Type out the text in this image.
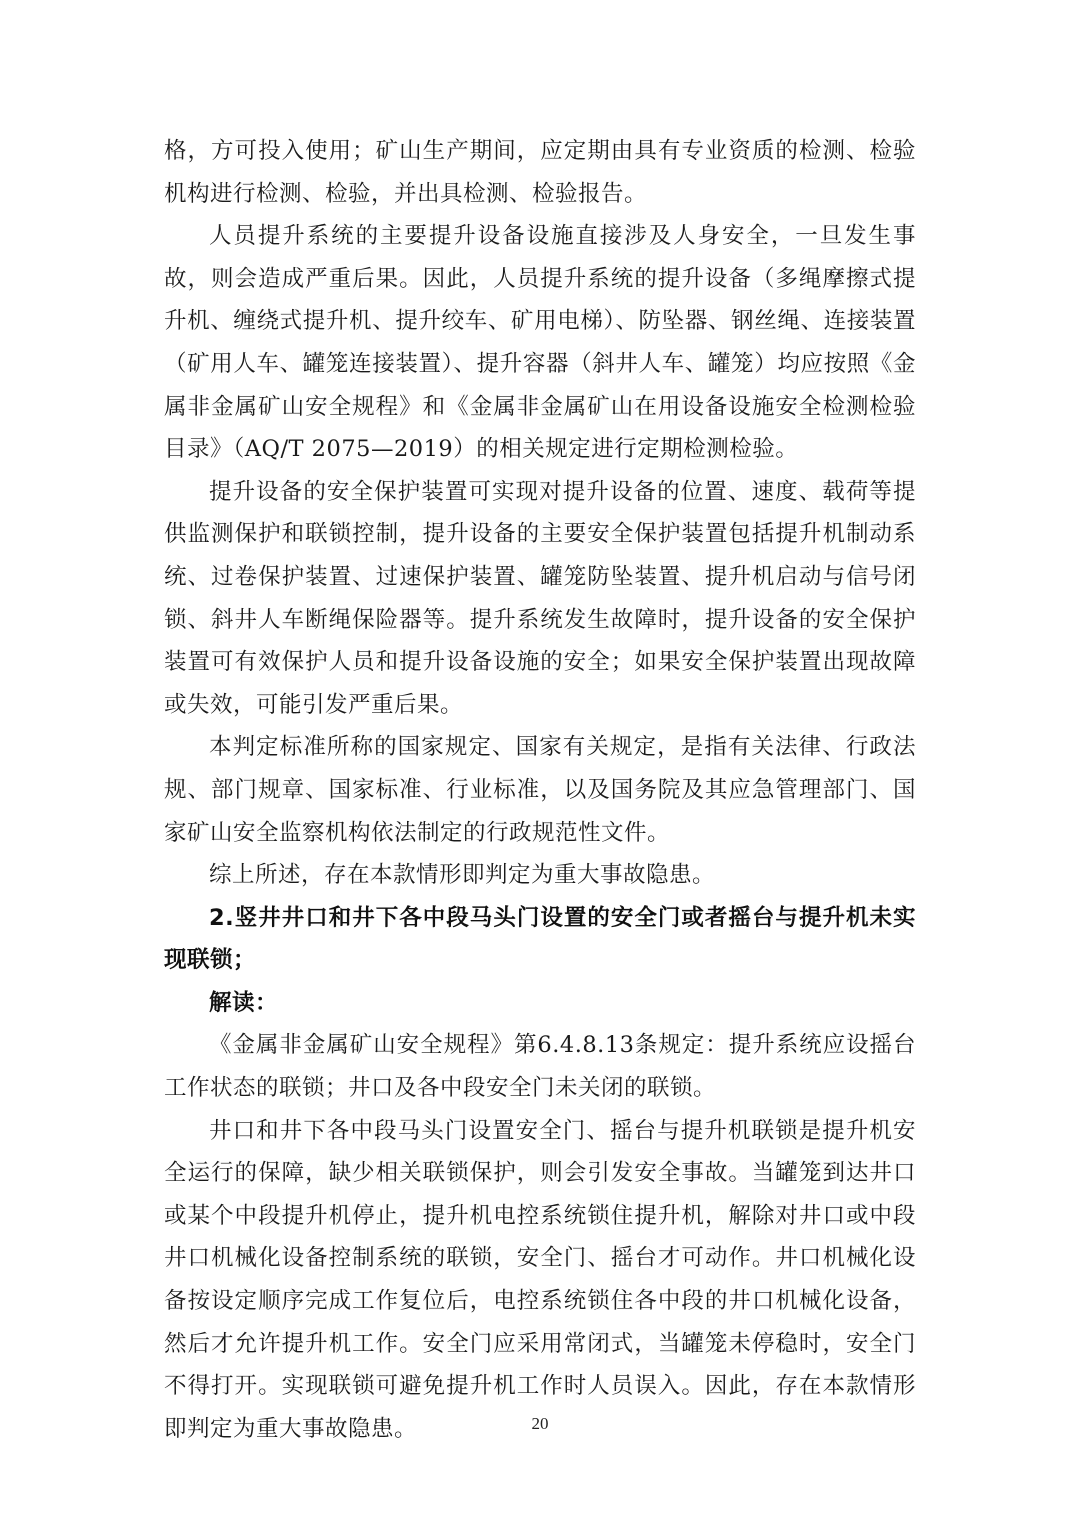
格，方可投入使用；矿山生产期间，应定期由具有专业资质的检测、检验机构进行检测、检验，并出具检测、检验报告。

人员提升系统的主要提升设备设施直接涉及人身安全，一旦发生事故，则会造成严重后果。因此，人员提升系统的提升设备（多绳摩擦式提升机、缠绕式提升机、提升绞车、矿用电梯）、防坠器、钢丝绳、连接装置（矿用人车、罐笼连接装置）、提升容器（斜井人车、罐笼）均应按照《金属非金属矿山安全规程》和《金属非金属矿山在用设备设施安全检测检验目录》（AQ/T 2075—2019）的相关规定进行定期检测检验。

提升设备的安全保护装置可实现对提升设备的位置、速度、载荷等提供监测保护和联锁控制，提升设备的主要安全保护装置包括提升机制动系统、过卷保护装置、过速保护装置、罐笼防坠装置、提升机启动与信号闭锁、斜井人车断绳保险器等。提升系统发生故障时，提升设备的安全保护装置可有效保护人员和提升设备设施的安全；如果安全保护装置出现故障或失效，可能引发严重后果。

本判定标准所称的国家规定、国家有关规定，是指有关法律、行政法规、部门规章、国家标准、行业标准，以及国务院及其应急管理部门、国家矿山安全监察机构依法制定的行政规范性文件。

综上所述，存在本款情形即判定为重大事故隐患。

2.竖井井口和井下各中段马头门设置的安全门或者摇台与提升机未实现联锁；

解读：

《金属非金属矿山安全规程》第6.4.8.13条规定：提升系统应设摇台工作状态的联锁；井口及各中段安全门未关闭的联锁。

井口和井下各中段马头门设置安全门、摇台与提升机联锁是提升机安全运行的保障，缺少相关联锁保护，则会引发安全事故。当罐笼到达井口或某个中段提升机停止，提升机电控系统锁住提升机，解除对井口或中段井口机械化设备控制系统的联锁，安全门、摇台才可动作。井口机械化设备按设定顺序完成工作复位后，电控系统锁住各中段的井口机械化设备，然后才允许提升机工作。安全门应采用常闭式，当罐笼未停稳时，安全门不得打开。实现联锁可避免提升机工作时人员误入。因此，存在本款情形即判定为重大事故隐患。	20
